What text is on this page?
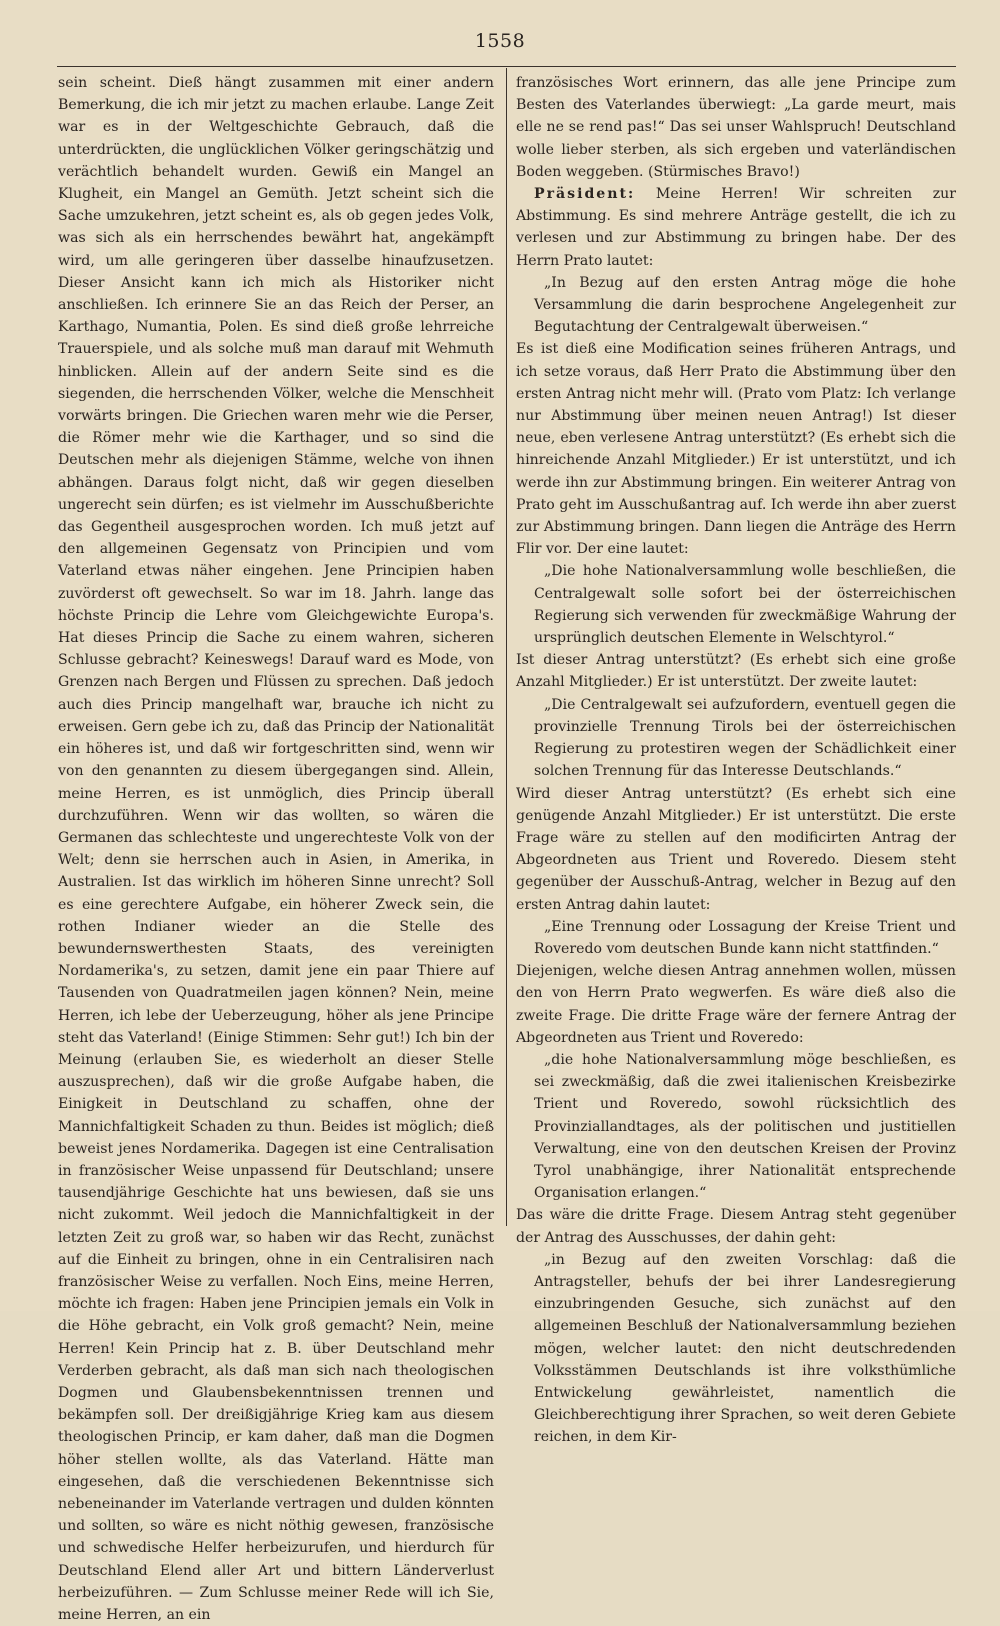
1558

sein scheint. Dieß hängt zusammen mit einer andern Bemerkung, die ich mir jetzt zu machen erlaube. Lange Zeit war es in der Weltgeschichte Gebrauch, daß die unterdrückten, die unglücklichen Völker geringschätzig und verächtlich behandelt wurden. Gewiß ein Mangel an Klugheit, ein Mangel an Gemüth. Jetzt scheint sich die Sache umzukehren, jetzt scheint es, als ob gegen jedes Volk, was sich als ein herrschendes bewährt hat, angekämpft wird, um alle geringeren über dasselbe hinaufzusetzen. Dieser Ansicht kann ich mich als Historiker nicht anschließen. Ich erinnere Sie an das Reich der Perser, an Karthago, Numantia, Polen. Es sind dieß große lehrreiche Trauerspiele, und als solche muß man darauf mit Wehmuth hinblicken. Allein auf der andern Seite sind es die siegenden, die herrschenden Völker, welche die Menschheit vorwärts bringen. Die Griechen waren mehr wie die Perser, die Römer mehr wie die Karthager, und so sind die Deutschen mehr als diejenigen Stämme, welche von ihnen abhängen. Daraus folgt nicht, daß wir gegen dieselben ungerecht sein dürfen; es ist vielmehr im Ausschußberichte das Gegentheil ausgesprochen worden. Ich muß jetzt auf den allgemeinen Gegensatz von Principien und vom Vaterland etwas näher eingehen. Jene Principien haben zuvörderst oft gewechselt. So war im 18. Jahrh. lange das höchste Princip die Lehre vom Gleichgewichte Europa's. Hat dieses Princip die Sache zu einem wahren, sicheren Schlusse gebracht? Keineswegs! Darauf ward es Mode, von Grenzen nach Bergen und Flüssen zu sprechen. Daß jedoch auch dies Princip mangelhaft war, brauche ich nicht zu erweisen. Gern gebe ich zu, daß das Princip der Nationalität ein höheres ist, und daß wir fortgeschritten sind, wenn wir von den genannten zu diesem übergegangen sind. Allein, meine Herren, es ist unmöglich, dies Princip überall durchzuführen. Wenn wir das wollten, so wären die Germanen das schlechteste und ungerechteste Volk von der Welt; denn sie herrschen auch in Asien, in Amerika, in Australien. Ist das wirklich im höheren Sinne unrecht? Soll es eine gerechtere Aufgabe, ein höherer Zweck sein, die rothen Indianer wieder an die Stelle des bewundernswerthesten Staats, des vereinigten Nordamerika's, zu setzen, damit jene ein paar Thiere auf Tausenden von Quadratmeilen jagen können? Nein, meine Herren, ich lebe der Ueberzeugung, höher als jene Principe steht das Vaterland! (Einige Stimmen: Sehr gut!) Ich bin der Meinung (erlauben Sie, es wiederholt an dieser Stelle auszusprechen), daß wir die große Aufgabe haben, die Einigkeit in Deutschland zu schaffen, ohne der Mannichfaltigkeit Schaden zu thun. Beides ist möglich; dieß beweist jenes Nordamerika. Dagegen ist eine Centralisation in französischer Weise unpassend für Deutschland; unsere tausendjährige Geschichte hat uns bewiesen, daß sie uns nicht zukommt. Weil jedoch die Mannichfaltigkeit in der letzten Zeit zu groß war, so haben wir das Recht, zunächst auf die Einheit zu bringen, ohne in ein Centralisiren nach französischer Weise zu verfallen. Noch Eins, meine Herren, möchte ich fragen: Haben jene Principien jemals ein Volk in die Höhe gebracht, ein Volk groß gemacht? Nein, meine Herren! Kein Princip hat z. B. über Deutschland mehr Verderben gebracht, als daß man sich nach theologischen Dogmen und Glaubensbekenntnissen trennen und bekämpfen soll. Der dreißigjährige Krieg kam aus diesem theologischen Princip, er kam daher, daß man die Dogmen höher stellen wollte, als das Vaterland. Hätte man eingesehen, daß die verschiedenen Bekenntnisse sich nebeneinander im Vaterlande vertragen und dulden könnten und sollten, so wäre es nicht nöthig gewesen, französische und schwedische Helfer herbeizurufen, und hierdurch für Deutschland Elend aller Art und bittern Länderverlust herbeizuführen. — Zum Schlusse meiner Rede will ich Sie, meine Herren, an ein

französisches Wort erinnern, das alle jene Principe zum Besten des Vaterlandes überwiegt: „La garde meurt, mais elle ne se rend pas!“ Das sei unser Wahlspruch! Deutschland wolle lieber sterben, als sich ergeben und vaterländischen Boden weggeben. (Stürmisches Bravo!)

Präsident: Meine Herren! Wir schreiten zur Abstimmung. Es sind mehrere Anträge gestellt, die ich zu verlesen und zur Abstimmung zu bringen habe. Der des Herrn Prato lautet:

„In Bezug auf den ersten Antrag möge die hohe Versammlung die darin besprochene Angelegenheit zur Begutachtung der Centralgewalt überweisen.“

Es ist dieß eine Modification seines früheren Antrags, und ich setze voraus, daß Herr Prato die Abstimmung über den ersten Antrag nicht mehr will. (Prato vom Platz: Ich verlange nur Abstimmung über meinen neuen Antrag!) Ist dieser neue, eben verlesene Antrag unterstützt? (Es erhebt sich die hinreichende Anzahl Mitglieder.) Er ist unterstützt, und ich werde ihn zur Abstimmung bringen. Ein weiterer Antrag von Prato geht im Ausschußantrag auf. Ich werde ihn aber zuerst zur Abstimmung bringen. Dann liegen die Anträge des Herrn Flir vor. Der eine lautet:

„Die hohe Nationalversammlung wolle beschließen, die Centralgewalt solle sofort bei der österreichischen Regierung sich verwenden für zweckmäßige Wahrung der ursprünglich deutschen Elemente in Welschtyrol.“

Ist dieser Antrag unterstützt? (Es erhebt sich eine große Anzahl Mitglieder.) Er ist unterstützt. Der zweite lautet:

„Die Centralgewalt sei aufzufordern, eventuell gegen die provinzielle Trennung Tirols bei der österreichischen Regierung zu protestiren wegen der Schädlichkeit einer solchen Trennung für das Interesse Deutschlands.“

Wird dieser Antrag unterstützt? (Es erhebt sich eine genügende Anzahl Mitglieder.) Er ist unterstützt. Die erste Frage wäre zu stellen auf den modificirten Antrag der Abgeordneten aus Trient und Roveredo. Diesem steht gegenüber der Ausschuß-Antrag, welcher in Bezug auf den ersten Antrag dahin lautet:

„Eine Trennung oder Lossagung der Kreise Trient und Roveredo vom deutschen Bunde kann nicht stattfinden.“

Diejenigen, welche diesen Antrag annehmen wollen, müssen den von Herrn Prato wegwerfen. Es wäre dieß also die zweite Frage. Die dritte Frage wäre der fernere Antrag der Abgeordneten aus Trient und Roveredo:

„die hohe Nationalversammlung möge beschließen, es sei zweckmäßig, daß die zwei italienischen Kreisbezirke Trient und Roveredo, sowohl rücksichtlich des Provinziallandtages, als der politischen und justitiellen Verwaltung, eine von den deutschen Kreisen der Provinz Tyrol unabhängige, ihrer Nationalität entsprechende Organisation erlangen.“

Das wäre die dritte Frage. Diesem Antrag steht gegenüber der Antrag des Ausschusses, der dahin geht:

„in Bezug auf den zweiten Vorschlag: daß die Antragsteller, behufs der bei ihrer Landesregierung einzubringenden Gesuche, sich zunächst auf den allgemeinen Beschluß der Nationalversammlung beziehen mögen, welcher lautet: den nicht deutschredenden Volksstämmen Deutschlands ist ihre volksthümliche Entwickelung gewährleistet, namentlich die Gleichberechtigung ihrer Sprachen, so weit deren Gebiete reichen, in dem Kir-
